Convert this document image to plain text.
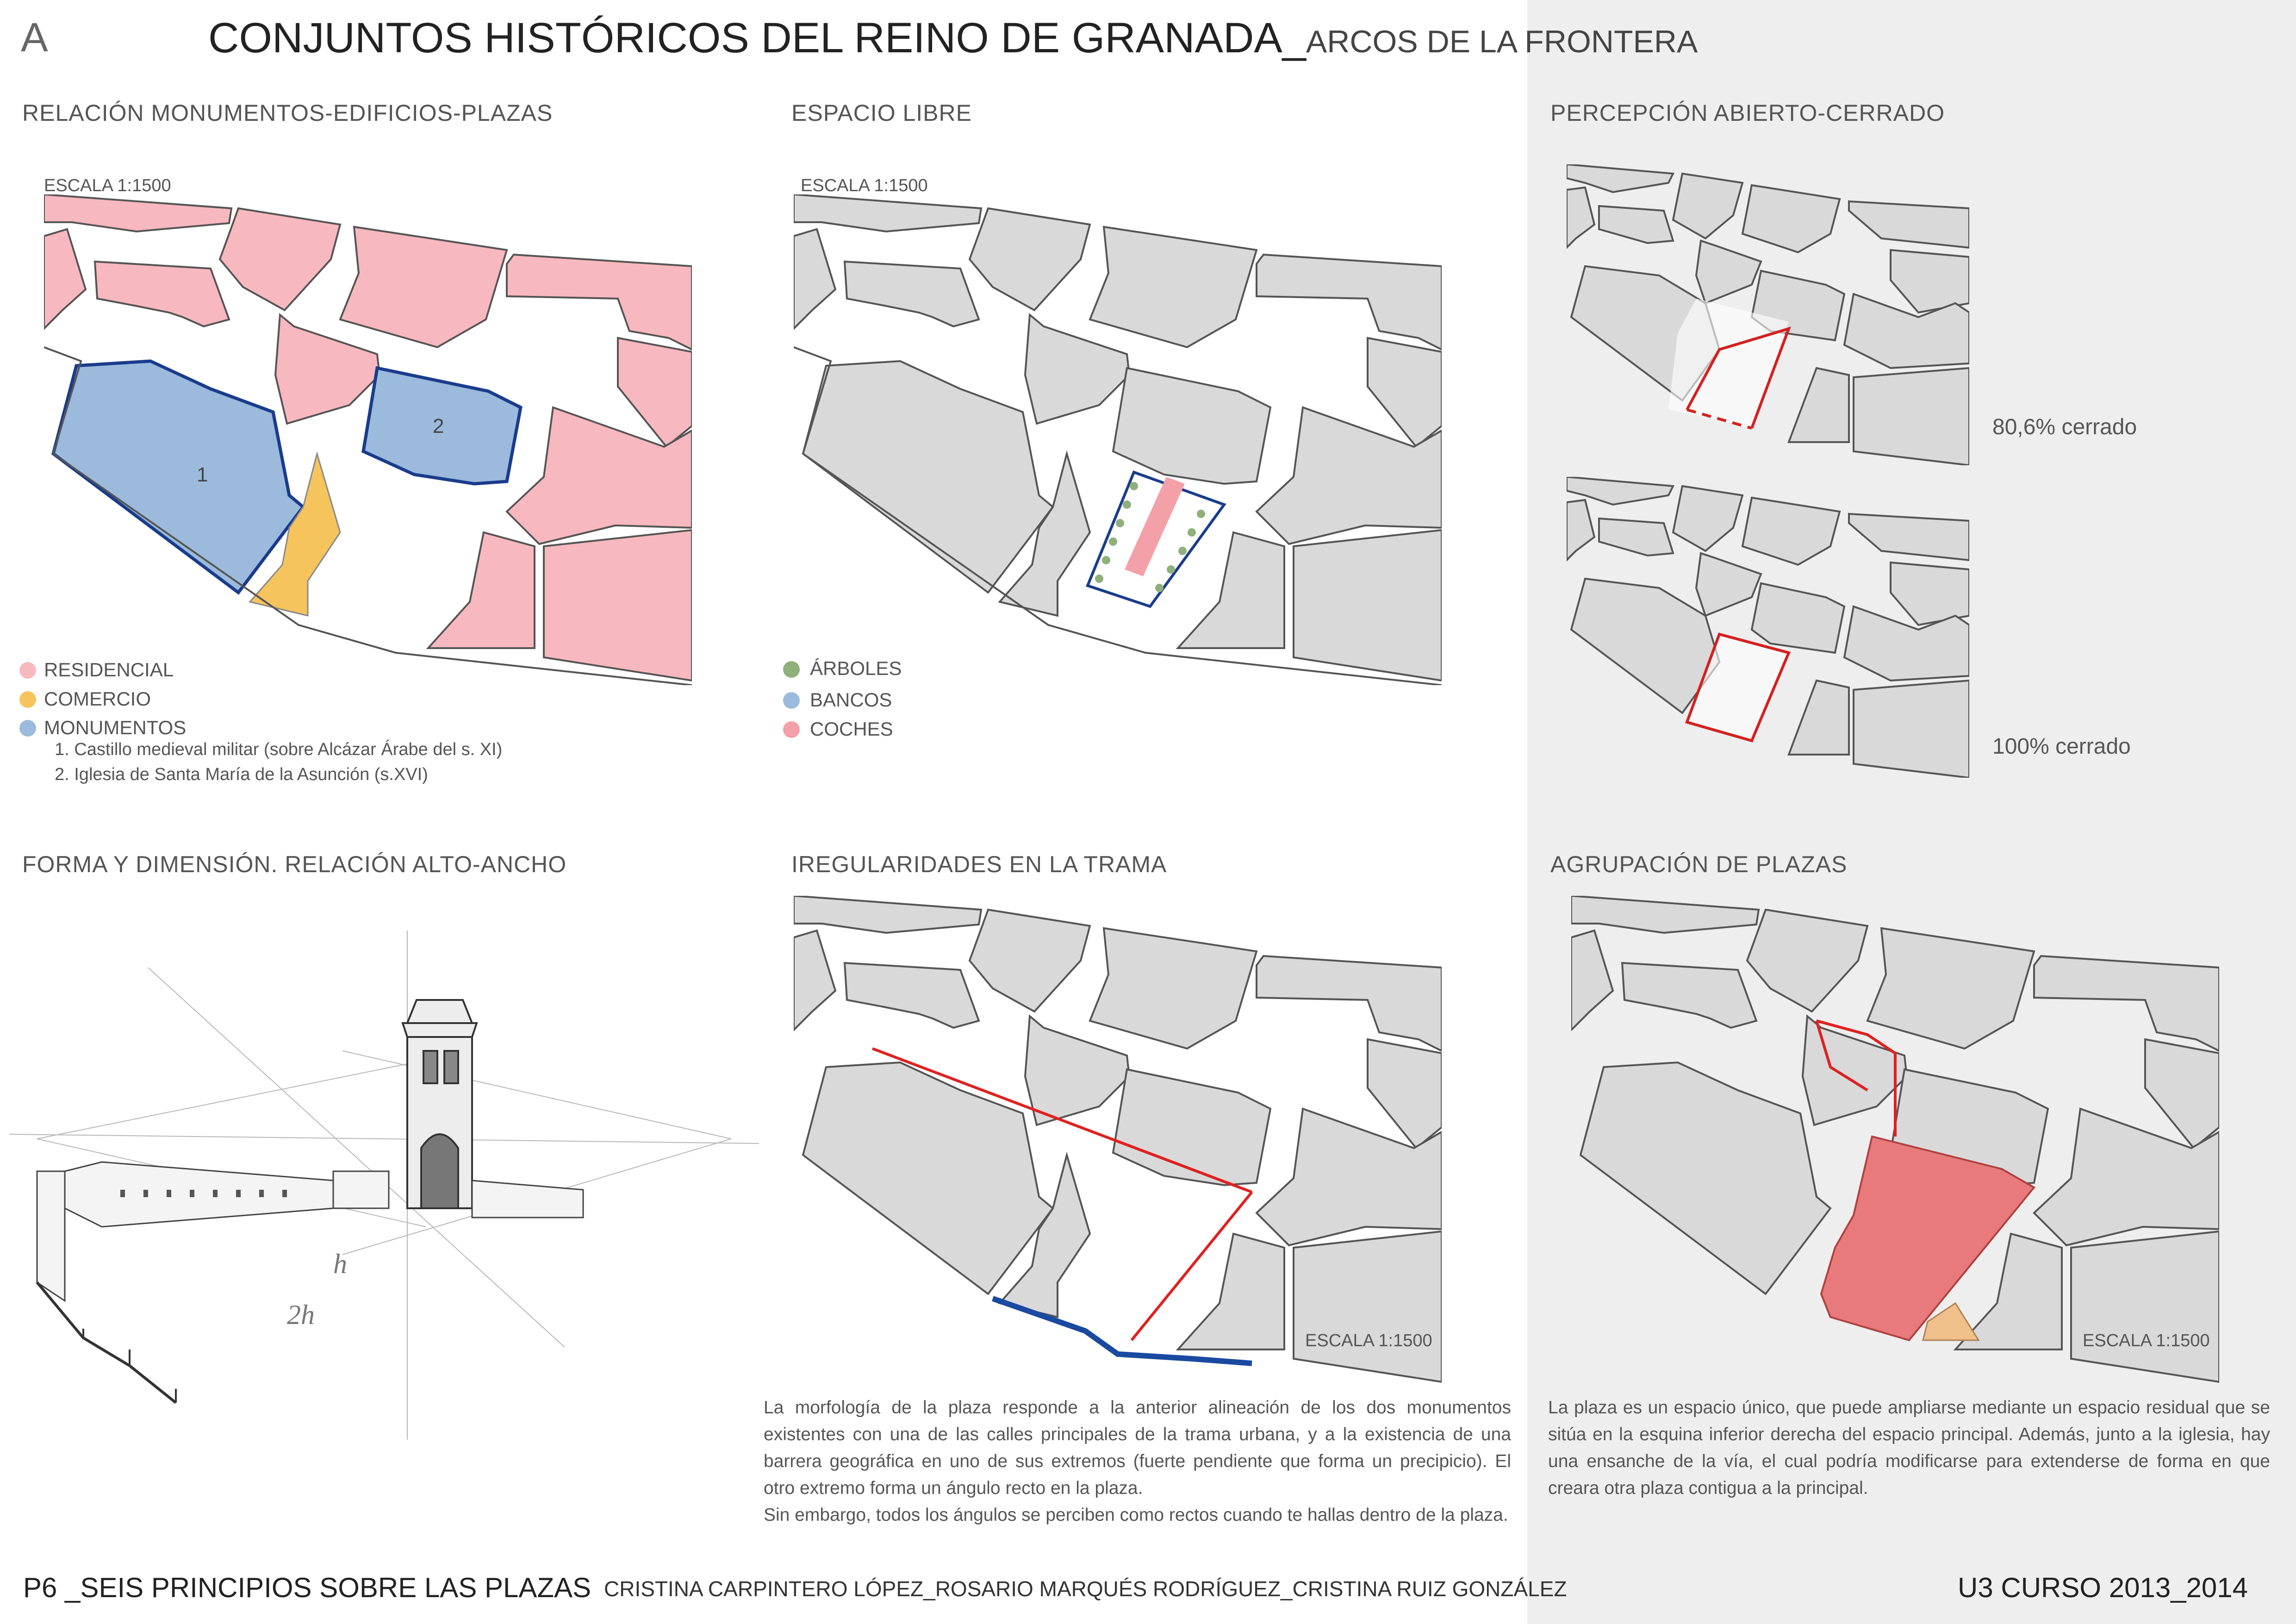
A	CONJUNTOS HISTÓRICOS DEL REINO DE GRANADA_ARCOS DE LA FRONTERA
RELACIÓN MONUMENTOS-EDIFICIOS-PLAZAS
ESCALA 1:1500
1
2
RESIDENCIAL
COMERCIO
MONUMENTOS
1. Castillo medieval militar (sobre Alcázar Árabe del s. XI)
2. Iglesia de Santa María de la Asunción (s.XVI)
ESPACIO LIBRE
ESCALA 1:1500
ÁRBOLES
BANCOS
COCHES
PERCEPCIÓN ABIERTO-CERRADO
80,6% cerrado
100% cerrado
FORMA Y DIMENSIÓN. RELACIÓN ALTO-ANCHO
h
2h
IREGULARIDADES EN LA TRAMA
ESCALA 1:1500
La morfología de la plaza responde a la anterior alineación de los dos monumentos existentes con una de las calles principales de la trama urbana, y a la existencia de una barrera geográfica en uno de sus extremos (fuerte pendiente que forma un precipicio). El otro extremo forma un ángulo recto en la plaza.
Sin embargo, todos los ángulos se perciben como rectos cuando te hallas dentro de la plaza.
AGRUPACIÓN DE PLAZAS
ESCALA 1:1500
La plaza es un espacio único, que puede ampliarse mediante un espacio residual que se sitúa en la esquina inferior derecha del espacio principal. Además, junto a la iglesia, hay una ensanche de la vía, el cual podría modificarse para extenderse de forma en que creara otra plaza contigua a la principal.
P6 _SEIS PRINCIPIOS SOBRE LAS PLAZAS CRISTINA CARPINTERO LÓPEZ_ROSARIO MARQUÉS RODRÍGUEZ_CRISTINA RUIZ GONZÁLEZ	U3 CURSO 2013_2014
